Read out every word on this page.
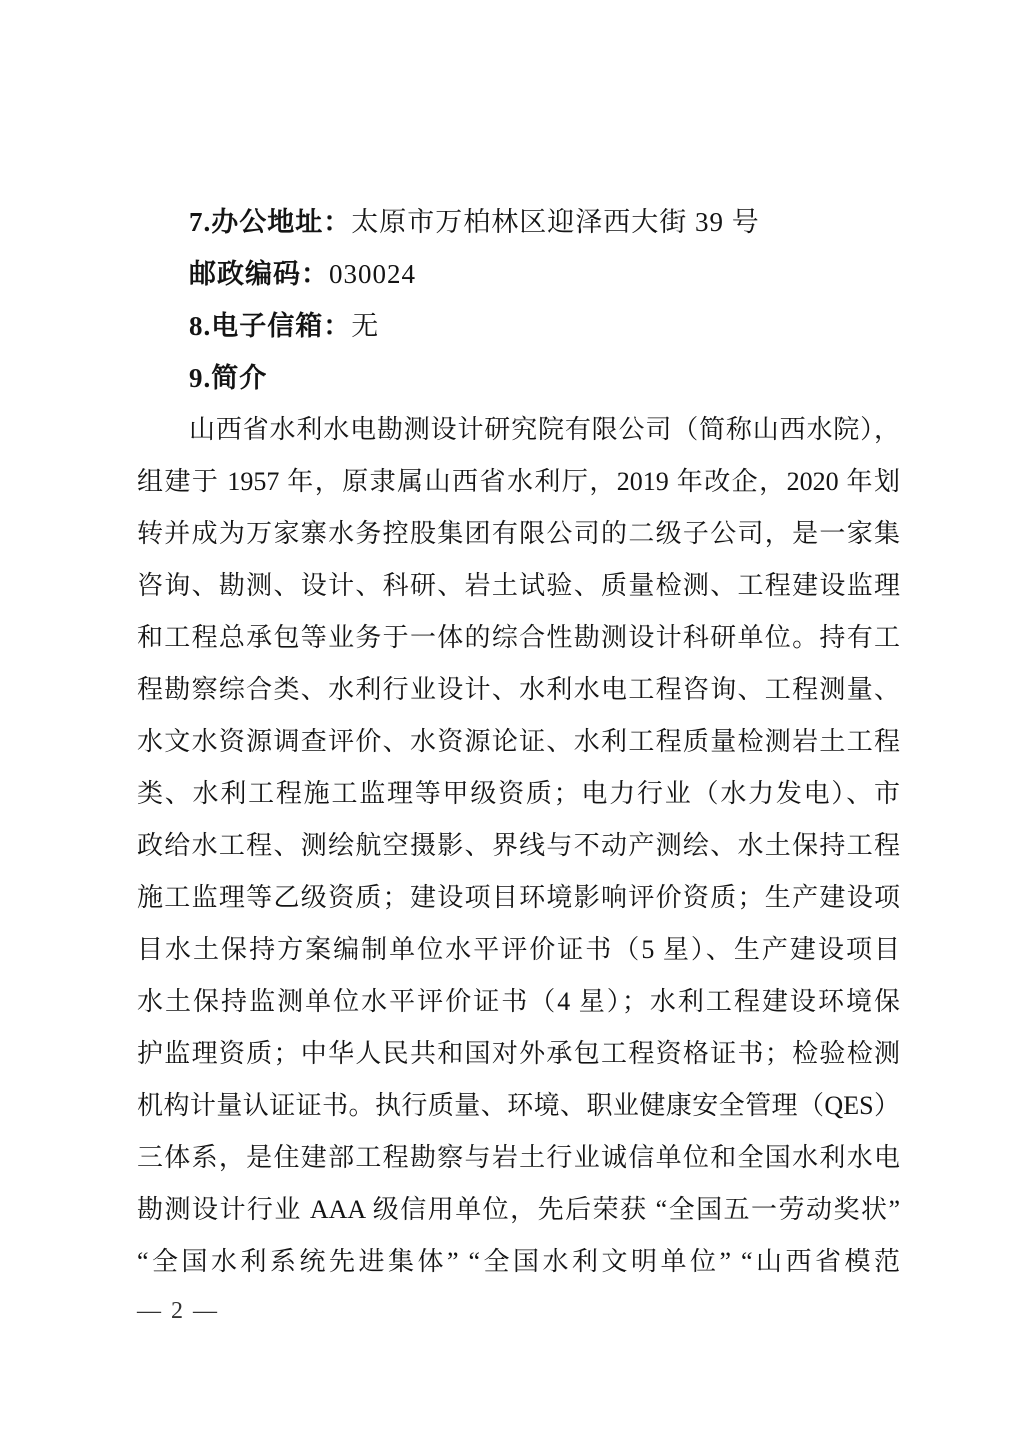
7.办公地址：太原市万柏林区迎泽西大街 39 号
邮政编码：030024
8.电子信箱：无
9.简介
山西省水利水电勘测设计研究院有限公司（简称山西水院），
组建于 1957 年，原隶属山西省水利厅，2019 年改企，2020 年划
转并成为万家寨水务控股集团有限公司的二级子公司，是一家集
咨询、勘测、设计、科研、岩土试验、质量检测、工程建设监理
和工程总承包等业务于一体的综合性勘测设计科研单位。持有工
程勘察综合类、水利行业设计、水利水电工程咨询、工程测量、
水文水资源调查评价、水资源论证、水利工程质量检测岩土工程
类、水利工程施工监理等甲级资质；电力行业（水力发电）、市
政给水工程、测绘航空摄影、界线与不动产测绘、水土保持工程
施工监理等乙级资质；建设项目环境影响评价资质；生产建设项
目水土保持方案编制单位水平评价证书（5 星）、生产建设项目
水土保持监测单位水平评价证书（4 星）；水利工程建设环境保
护监理资质；中华人民共和国对外承包工程资格证书；检验检测
机构计量认证证书。执行质量、环境、职业健康安全管理（QES）
三体系，是住建部工程勘察与岩土行业诚信单位和全国水利水电
勘测设计行业 AAA 级信用单位，先后荣获 “全国五一劳动奖状”
“全国水利系统先进集体” “全国水利文明单位” “山西省模范
— 2 —
